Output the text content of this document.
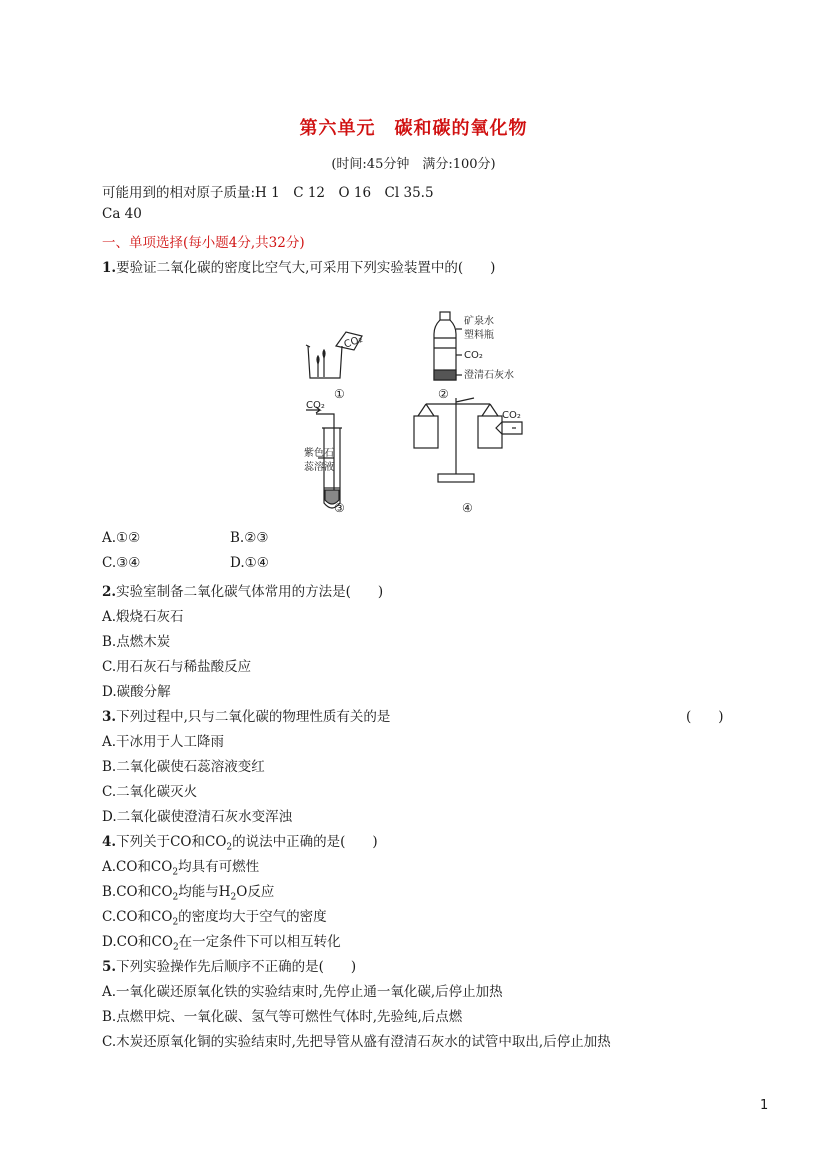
第六单元　碳和碳的氧化物
(时间:45分钟　满分:100分)
可能用到的相对原子质量:H 1　C 12　O 16　Cl 35.5
Ca 40
一、单项选择(每小题4分,共32分)
1.要验证二氧化碳的密度比空气大,可采用下列实验装置中的(　　)
CO₂
矿泉水
塑料瓶
CO₂
澄清石灰水
CO₂
紫色石
蕊溶液
CO₂
①	②
③	④
A.①②	B.②③
C.③④	D.①④
2.实验室制备二氧化碳气体常用的方法是(　　)
A.煅烧石灰石
B.点燃木炭
C.用石灰石与稀盐酸反应
D.碳酸分解
3.下列过程中,只与二氧化碳的物理性质有关的是	(　　)
A.干冰用于人工降雨
B.二氧化碳使石蕊溶液变红
C.二氧化碳灭火
D.二氧化碳使澄清石灰水变浑浊
4.下列关于CO和$CO_2$的说法中正确的是(　　)
A.CO和$CO_2$均具有可燃性
B.CO和$CO_2$均能与$H_2O$反应
C.CO和$CO_2$的密度均大于空气的密度
D.CO和$CO_2$在一定条件下可以相互转化
5.下列实验操作先后顺序不正确的是(　　)
A.一氧化碳还原氧化铁的实验结束时,先停止通一氧化碳,后停止加热
B.点燃甲烷、一氧化碳、氢气等可燃性气体时,先验纯,后点燃
C.木炭还原氧化铜的实验结束时,先把导管从盛有澄清石灰水的试管中取出,后停止加热
1
